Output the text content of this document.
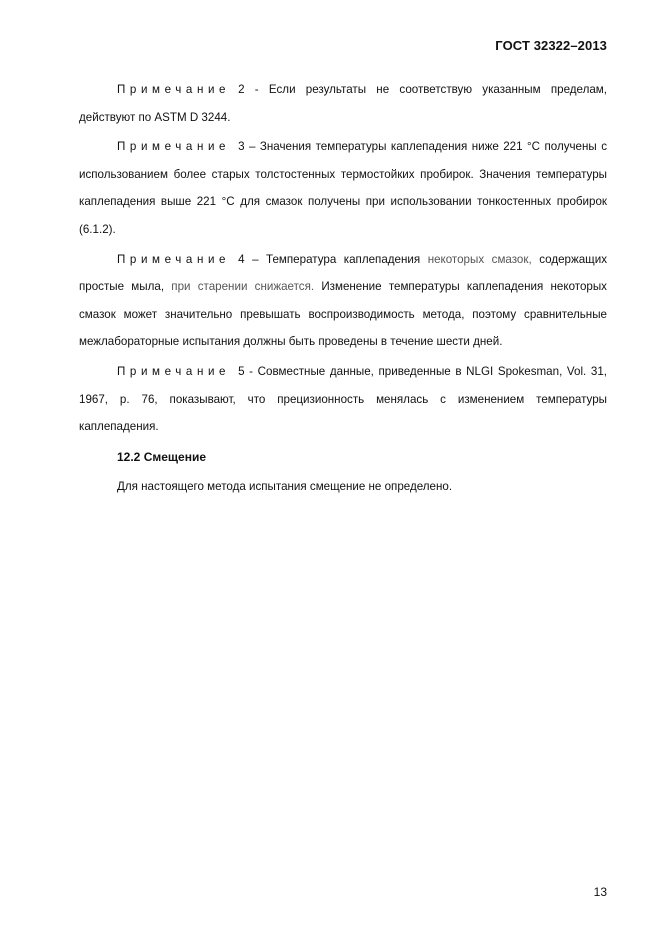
ГОСТ 32322–2013

Примечание 2 - Если результаты не соответствую указанным пределам, действуют по ASTM D 3244.

Примечание 3 – Значения температуры каплепадения ниже 221 °С получены с использованием более старых толстостенных термостойких пробирок. Значения температуры каплепадения выше 221 °С для смазок получены при использовании тонкостенных пробирок (6.1.2).

Примечание 4 – Температура каплепадения некоторых смазок, содержащих простые мыла, при старении снижается. Изменение температуры каплепадения некоторых смазок может значительно превышать воспроизводимость метода, поэтому сравнительные межлабораторные испытания должны быть проведены в течение шести дней.

Примечание 5 - Совместные данные, приведенные в NLGI Spokesman, Vol. 31, 1967, p. 76, показывают, что прецизионность менялась с изменением температуры каплепадения.

12.2 Смещение

Для настоящего метода испытания смещение не определено.

13
